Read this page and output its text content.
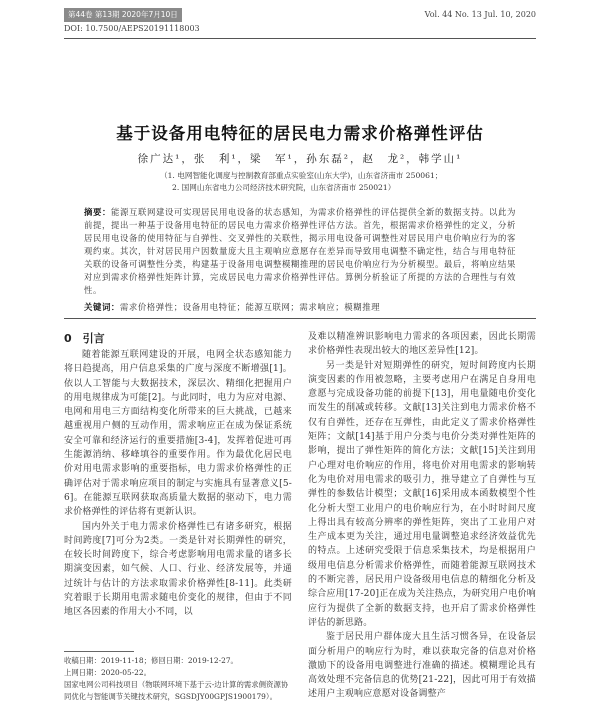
第44卷 第13期 2020年7月10日	Vol. 44 No. 13 Jul. 10, 2020
DOI: 10.7500/AEPS20191118003
基于设备用电特征的居民电力需求价格弹性评估
徐广达¹，张　利¹，梁　军¹，孙东磊²，赵　龙²，韩学山¹
（1. 电网智能化调度与控制教育部重点实验室(山东大学)，山东省济南市 250061；
2. 国网山东省电力公司经济技术研究院，山东省济南市 250021）
摘要：能源互联网建设可实现居民用电设备的状态感知，为需求价格弹性的评估提供全新的数据支持。以此为前提，提出一种基于设备用电特征的居民电力需求价格弹性评估方法。首先，根据需求价格弹性的定义，分析居民用电设备的使用特征与自弹性、交叉弹性的关联性，揭示用电设备可调整性对居民用户电价响应行为的客观约束。其次，针对居民用户因数量庞大且主观响应意愿存在差异而导致用电调整不确定性，结合与用电特征关联的设备可调整性分类，构建基于设备用电调整模糊推理的居民电价响应行为分析模型。最后，将响应结果对应到需求价格弹性矩阵计算，完成居民电力需求价格弹性评估。算例分析验证了所提的方法的合理性与有效性。
关键词：需求价格弹性；设备用电特征；能源互联网；需求响应；模糊推理
0　引言

随着能源互联网建设的开展，电网全状态感知能力将日趋提高，用户信息采集的广度与深度不断增强[1]。依以人工智能与大数据技术，深层次、精细化把握用户的用电规律成为可能[2]。与此同时，电力为应对电源、电网和用电三方面结构变化所带来的巨大挑战，已越来越重视用户侧的互动作用，需求响应正在成为保证系统安全可靠和经济运行的重要措施[3-4]，发挥着促进可再生能源消纳、移峰填谷的重要作用。作为最优化居民电价对用电需求影响的重要指标，电力需求价格弹性的正确评估对于需求响应项目的制定与实施具有显著意义[5-6]。在能源互联网获取高质量大数据的驱动下，电力需求价格弹性的评估将有更新认识。

国内外关于电力需求价格弹性已有诸多研究，根据时间跨度[7]可分为2类。一类是针对长期弹性的研究，在较长时间跨度下，综合考虑影响用电需求量的诸多长期演变因素，如气候、人口、行业、经济发展等，并通过统计与估计的方法求取需求价格弹性[8-11]。此类研究着眼于长期用电需求随电价变化的规律，但由于不同地区各因素的作用大小不同，以

收稿日期：2019-11-18；修回日期：2019-12-27。
上网日期：2020-05-22。
国家电网公司科技项目（物联网环境下基于云-边计算的需求侧资源协同优化与智能调节关键技术研究，SGSDJY00GPJS1900179）。

及难以精准辨识影响电力需求的各项因素，因此长期需求价格弹性表现出较大的地区差异性[12]。

另一类是针对短期弹性的研究，短时间跨度内长期演变因素的作用被忽略，主要考虑用户在满足自身用电意愿与完成设备功能的前提下[13]，用电量随电价变化而发生的削减或转移。文献[13]关注到电力需求价格不仅有自弹性，还存在互弹性，由此定义了需求价格弹性矩阵；文献[14]基于用户分类与电价分类对弹性矩阵的影响，提出了弹性矩阵的简化方法；文献[15]关注到用户心理对电价响应的作用，将电价对用电需求的影响转化为电价对用电需求的吸引力，推导建立了自弹性与互弹性的参数估计模型；文献[16]采用成本函数模型个性化分析大型工业用户的电价响应行为，在小时时间尺度上得出具有较高分辨率的弹性矩阵，突出了工业用户对生产成本更为关注，通过用电量调整追求经济效益优先的特点。上述研究受限于信息采集技术，均是根据用户级用电信息分析需求价格弹性，而随着能源互联网技术的不断完善，居民用户设备级用电信息的精细化分析及综合应用[17-20]正在成为关注热点，为研究用户电价响应行为提供了全新的数据支持，也开启了需求价格弹性评估的新思路。

鉴于居民用户群体庞大且生活习惯各异，在设备层面分析用户的响应行为时，难以获取完备的信息对价格激励下的设备用电调整进行准确的描述。模糊理论具有高效处理不完备信息的优势[21-22]，因此可用于有效描述用户主观响应意愿对设备调整产
